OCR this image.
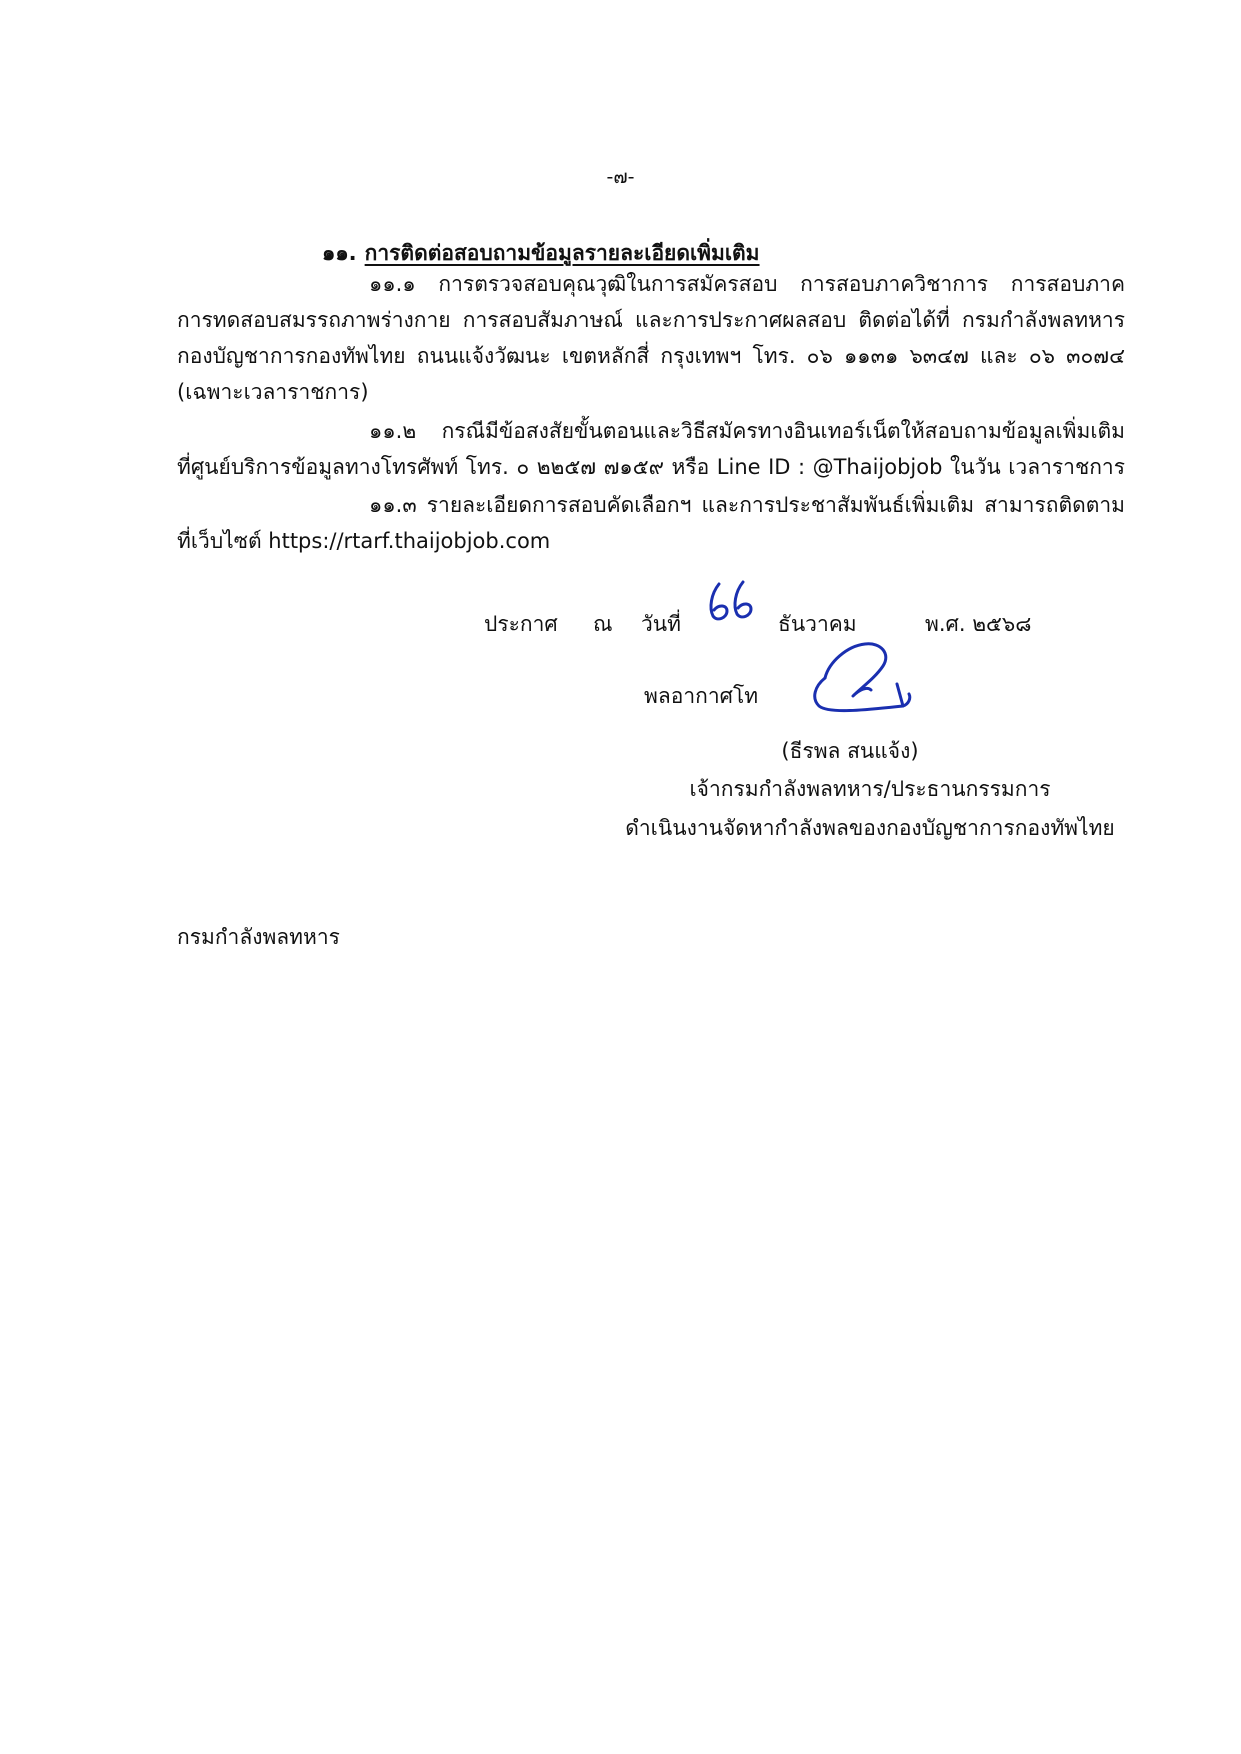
-๗-
๑๑. การติดต่อสอบถามข้อมูลรายละเอียดเพิ่มเติม
๑๑.๑ การตรวจสอบคุณวุฒิในการสมัครสอบ การสอบภาควิชาการ การสอบภาค
การทดสอบสมรรถภาพร่างกาย การสอบสัมภาษณ์ และการประกาศผลสอบ ติดต่อได้ที่ กรมกำลังพลทหาร
กองบัญชาการกองทัพไทย ถนนแจ้งวัฒนะ เขตหลักสี่ กรุงเทพฯ โทร. ๐๖ ๑๑๓๑ ๖๓๔๗ และ ๐๖ ๓๐๗๔
(เฉพาะเวลาราชการ)
๑๑.๒ กรณีมีข้อสงสัยขั้นตอนและวิธีสมัครทางอินเทอร์เน็ตให้สอบถามข้อมูลเพิ่มเติม
ที่ศูนย์บริการข้อมูลทางโทรศัพท์ โทร. ๐ ๒๒๕๗ ๗๑๕๙ หรือ Line ID : @Thaijobjob ในวัน เวลาราชการ
๑๑.๓ รายละเอียดการสอบคัดเลือกฯ และการประชาสัมพันธ์เพิ่มเติม สามารถติดตาม
ที่เว็บไซต์ https://rtarf.thaijobjob.com
ประกาศ ณ วันที่	ธันวาคม	พ.ศ. ๒๕๖๘
พลอากาศโท
(ธีรพล สนแจ้ง)
เจ้ากรมกำลังพลทหาร/ประธานกรรมการ
ดำเนินงานจัดหากำลังพลของกองบัญชาการกองทัพไทย
กรมกำลังพลทหาร
